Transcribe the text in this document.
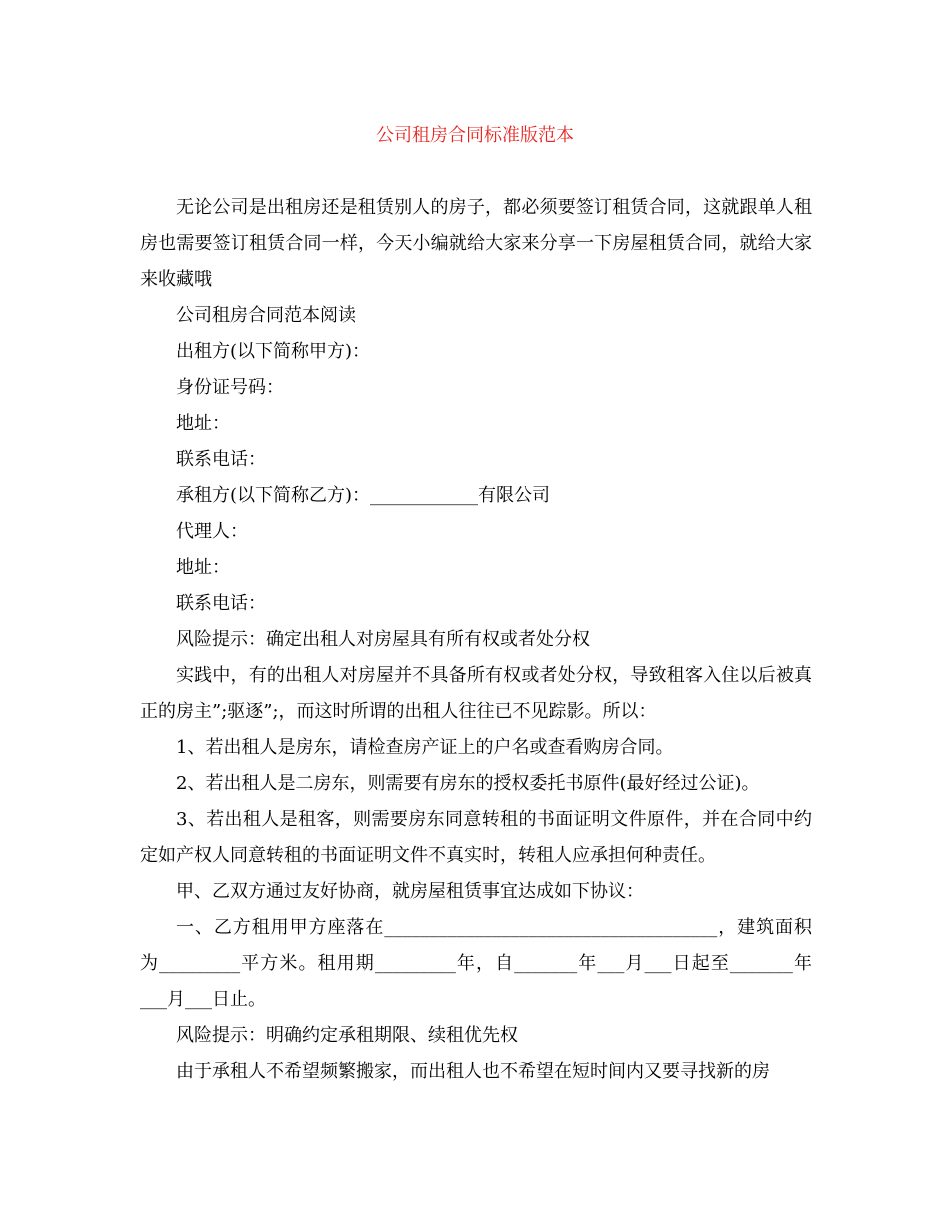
公司租房合同标准版范本

无论公司是出租房还是租赁别人的房子，都必须要签订租赁合同，这就跟单人租房也需要签订租赁合同一样，今天小编就给大家来分享一下房屋租赁合同，就给大家来收藏哦

公司租房合同范本阅读

出租方(以下简称甲方)：

身份证号码：

地址：

联系电话：

承租方(以下简称乙方)：____________有限公司

代理人：

地址：

联系电话：

风险提示：确定出租人对房屋具有所有权或者处分权

实践中，有的出租人对房屋并不具备所有权或者处分权，导致租客入住以后被真正的房主”;驱逐”;，而这时所谓的出租人往往已不见踪影。所以：

1、若出租人是房东，请检查房产证上的户名或查看购房合同。

2、若出租人是二房东，则需要有房东的授权委托书原件(最好经过公证)。

3、若出租人是租客，则需要房东同意转租的书面证明文件原件，并在合同中约定如产权人同意转租的书面证明文件不真实时，转租人应承担何种责任。

甲、乙双方通过友好协商，就房屋租赁事宜达成如下协议：

一、乙方租用甲方座落在_____________________________________，建筑面积为_________平方米。租用期_________年，自_______年___月___日起至_______年___月___日止。

风险提示：明确约定承租期限、续租优先权

由于承租人不希望频繁搬家，而出租人也不希望在短时间内又要寻找新的房
